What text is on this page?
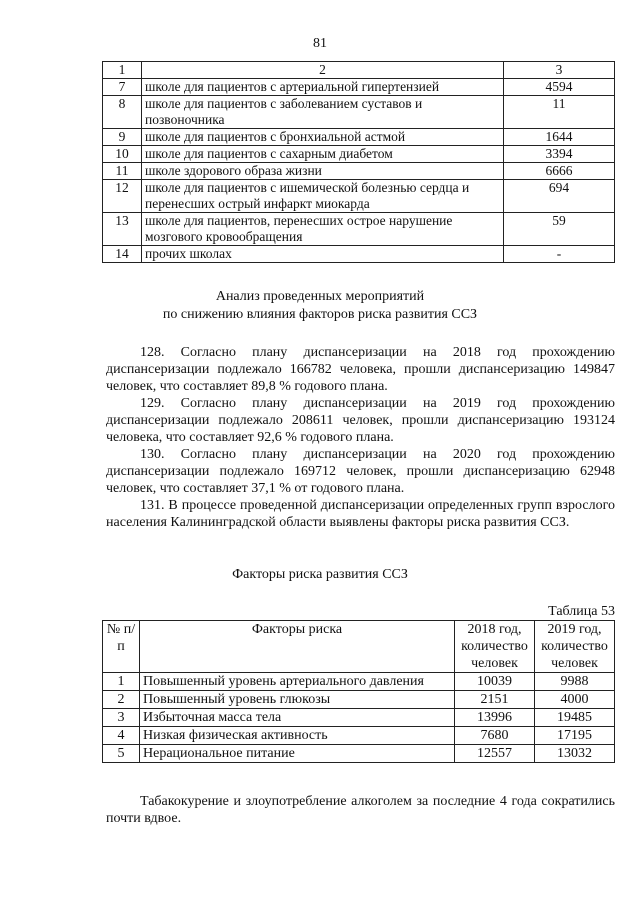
81
1	2	3
7	школе для пациентов с артериальной гипертензией	4594
8	школе для пациентов с заболеванием суставов и позвоночника	11
9	школе для пациентов с бронхиальной астмой	1644
10	школе для пациентов с сахарным диабетом	3394
11	школе здорового образа жизни	6666
12	школе для пациентов с ишемической болезнью сердца и перенесших острый инфаркт миокарда	694
13	школе для пациентов, перенесших острое нарушение мозгового кровообращения	59
14	прочих школах	-
Анализ проведенных мероприятий
по снижению влияния факторов риска развития ССЗ
128. Согласно плану диспансеризации на 2018 год прохождению диспансеризации подлежало 166782 человека, прошли диспансеризацию 149847 человек, что составляет 89,8 % годового плана.
129. Согласно плану диспансеризации на 2019 год прохождению диспансеризации подлежало 208611 человек, прошли диспансеризацию 193124 человека, что составляет 92,6 % годового плана.
130. Согласно плану диспансеризации на 2020 год прохождению диспансеризации подлежало 169712 человек, прошли диспансеризацию 62948 человек, что составляет 37,1 % от годового плана.
131. В процессе проведенной диспансеризации определенных групп взрослого населения Калининградской области выявлены факторы риска развития ССЗ.
Факторы риска развития ССЗ
Таблица 53
№ п/п	Факторы риска	2018 год, количество человек	2019 год, количество человек
1	Повышенный уровень артериального давления	10039	9988
2	Повышенный уровень глюкозы	2151	4000
3	Избыточная масса тела	13996	19485
4	Низкая физическая активность	7680	17195
5	Нерациональное питание	12557	13032
Табакокурение и злоупотребление алкоголем за последние 4 года сократились почти вдвое.
